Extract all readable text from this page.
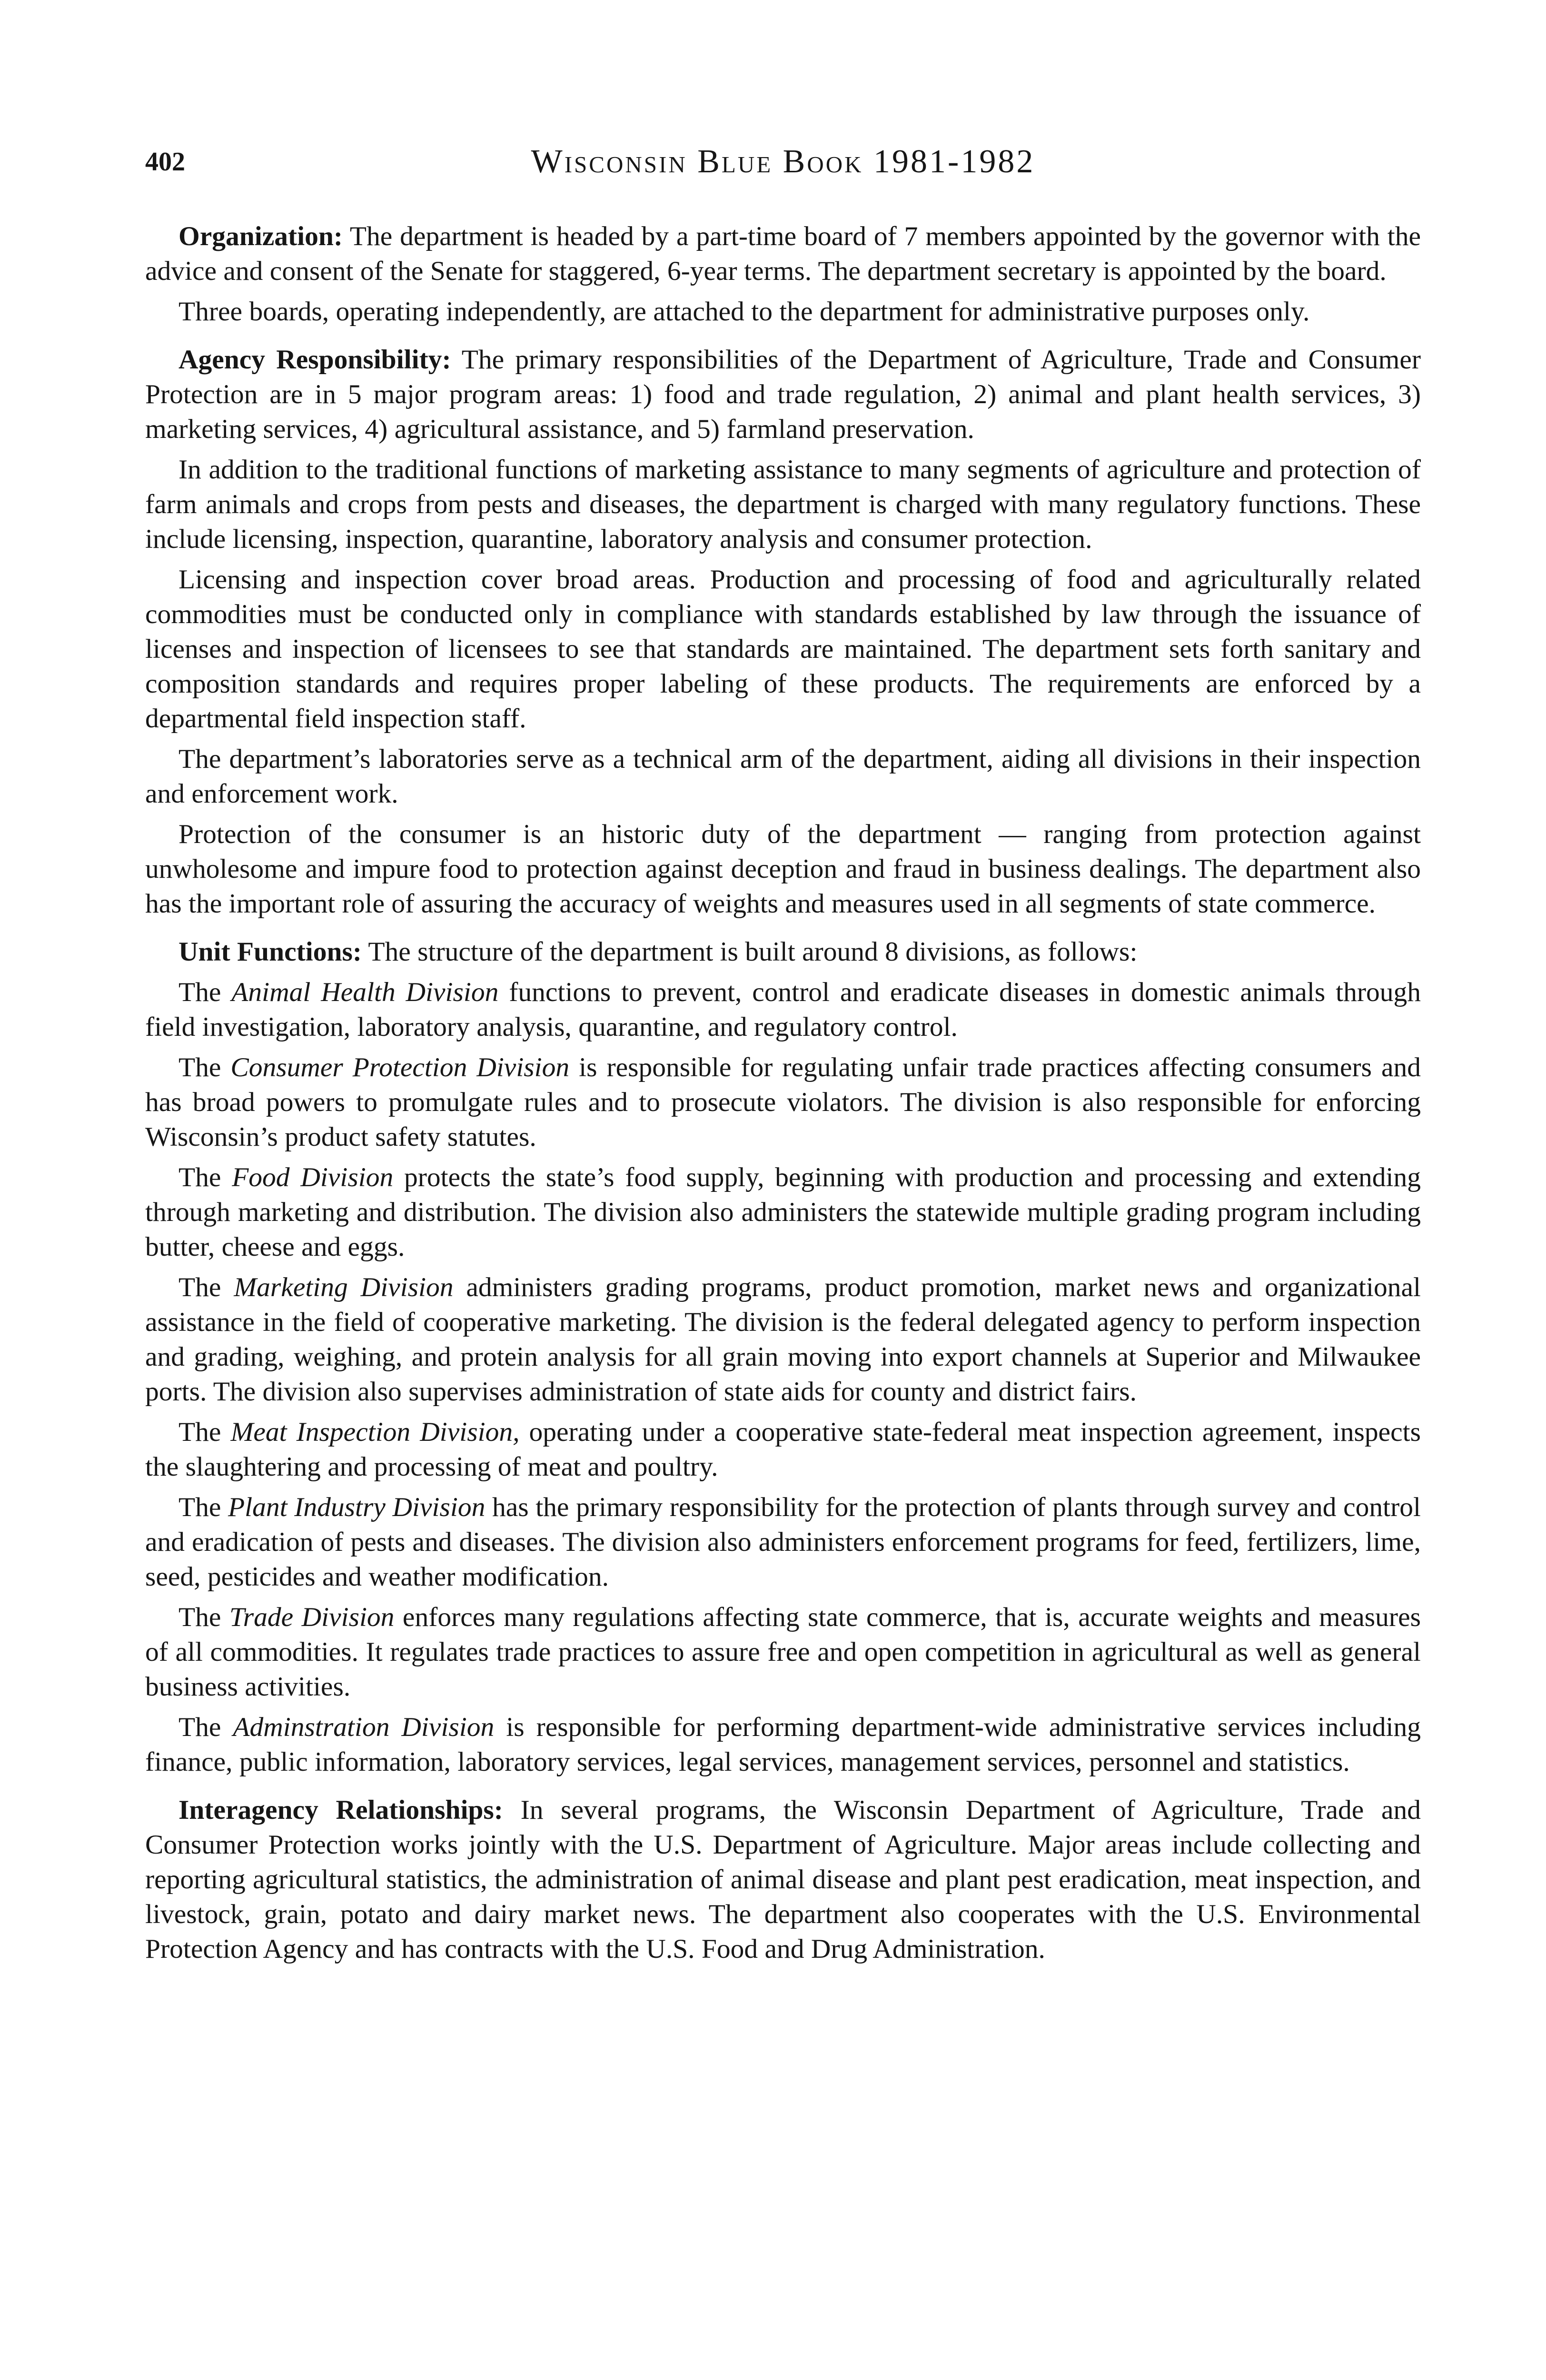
402	Wisconsin Blue Book 1981-1982

Organization: The department is headed by a part-time board of 7 members appointed by the governor with the advice and consent of the Senate for staggered, 6-year terms. The department secretary is appointed by the board.

Three boards, operating independently, are attached to the department for administrative purposes only.

Agency Responsibility: The primary responsibilities of the Department of Agriculture, Trade and Consumer Protection are in 5 major program areas: 1) food and trade regulation, 2) animal and plant health services, 3) marketing services, 4) agricultural assistance, and 5) farmland preservation.

In addition to the traditional functions of marketing assistance to many segments of agriculture and protection of farm animals and crops from pests and diseases, the department is charged with many regulatory functions. These include licensing, inspection, quarantine, laboratory analysis and consumer protection.

Licensing and inspection cover broad areas. Production and processing of food and agriculturally related commodities must be conducted only in compliance with standards established by law through the issuance of licenses and inspection of licensees to see that standards are maintained. The department sets forth sanitary and composition standards and requires proper labeling of these products. The requirements are enforced by a departmental field inspection staff.

The department’s laboratories serve as a technical arm of the department, aiding all divisions in their inspection and enforcement work.

Protection of the consumer is an historic duty of the department — ranging from protection against unwholesome and impure food to protection against deception and fraud in business dealings. The department also has the important role of assuring the accuracy of weights and measures used in all segments of state commerce.

Unit Functions: The structure of the department is built around 8 divisions, as follows:

The Animal Health Division functions to prevent, control and eradicate diseases in domestic animals through field investigation, laboratory analysis, quarantine, and regulatory control.

The Consumer Protection Division is responsible for regulating unfair trade practices affecting consumers and has broad powers to promulgate rules and to prosecute violators. The division is also responsible for enforcing Wisconsin’s product safety statutes.

The Food Division protects the state’s food supply, beginning with production and processing and extending through marketing and distribution. The division also administers the statewide multiple grading program including butter, cheese and eggs.

The Marketing Division administers grading programs, product promotion, market news and organizational assistance in the field of cooperative marketing. The division is the federal delegated agency to perform inspection and grading, weighing, and protein analysis for all grain moving into export channels at Superior and Milwaukee ports. The division also supervises administration of state aids for county and district fairs.

The Meat Inspection Division, operating under a cooperative state-federal meat inspection agreement, inspects the slaughtering and processing of meat and poultry.

The Plant Industry Division has the primary responsibility for the protection of plants through survey and control and eradication of pests and diseases. The division also administers enforcement programs for feed, fertilizers, lime, seed, pesticides and weather modification.

The Trade Division enforces many regulations affecting state commerce, that is, accurate weights and measures of all commodities. It regulates trade practices to assure free and open competition in agricultural as well as general business activities.

The Adminstration Division is responsible for performing department-wide administrative services including finance, public information, laboratory services, legal services, management services, personnel and statistics.

Interagency Relationships: In several programs, the Wisconsin Department of Agriculture, Trade and Consumer Protection works jointly with the U.S. Department of Agriculture. Major areas include collecting and reporting agricultural statistics, the administration of animal disease and plant pest eradication, meat inspection, and livestock, grain, potato and dairy market news. The department also cooperates with the U.S. Environmental Protection Agency and has contracts with the U.S. Food and Drug Administration.
